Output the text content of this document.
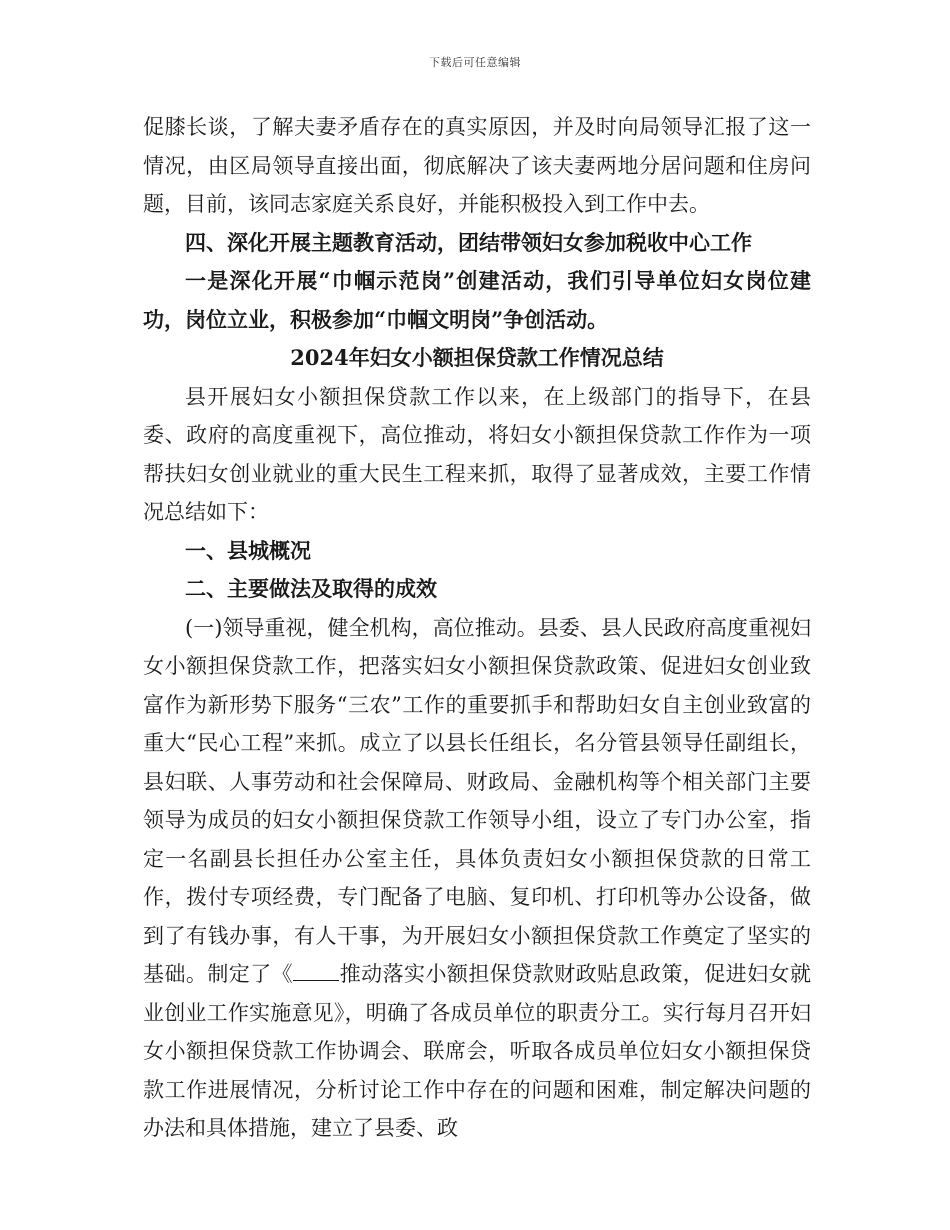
下载后可任意编辑

促膝长谈，了解夫妻矛盾存在的真实原因，并及时向局领导汇报了这一情况，由区局领导直接出面，彻底解决了该夫妻两地分居问题和住房问题，目前，该同志家庭关系良好，并能积极投入到工作中去。

四、深化开展主题教育活动，团结带领妇女参加税收中心工作

一是深化开展“巾帼示范岗”创建活动，我们引导单位妇女岗位建功，岗位立业，积极参加“巾帼文明岗”争创活动。

2024年妇女小额担保贷款工作情况总结

县开展妇女小额担保贷款工作以来，在上级部门的指导下，在县委、政府的高度重视下，高位推动，将妇女小额担保贷款工作作为一项帮扶妇女创业就业的重大民生工程来抓，取得了显著成效，主要工作情况总结如下：

一、县城概况

二、主要做法及取得的成效

(一)领导重视，健全机构，高位推动。县委、县人民政府高度重视妇女小额担保贷款工作，把落实妇女小额担保贷款政策、促进妇女创业致富作为新形势下服务“三农”工作的重要抓手和帮助妇女自主创业致富的重大“民心工程”来抓。成立了以县长任组长，名分管县领导任副组长，县妇联、人事劳动和社会保障局、财政局、金融机构等个相关部门主要领导为成员的妇女小额担保贷款工作领导小组，设立了专门办公室，指定一名副县长担任办公室主任，具体负责妇女小额担保贷款的日常工作，拨付专项经费，专门配备了电脑、复印机、打印机等办公设备，做到了有钱办事，有人干事，为开展妇女小额担保贷款工作奠定了坚实的基础。制定了《 推动落实小额担保贷款财政贴息政策，促进妇女就业创业工作实施意见》，明确了各成员单位的职责分工。实行每月召开妇女小额担保贷款工作协调会、联席会，听取各成员单位妇女小额担保贷款工作进展情况，分析讨论工作中存在的问题和困难，制定解决问题的办法和具体措施，建立了县委、政
